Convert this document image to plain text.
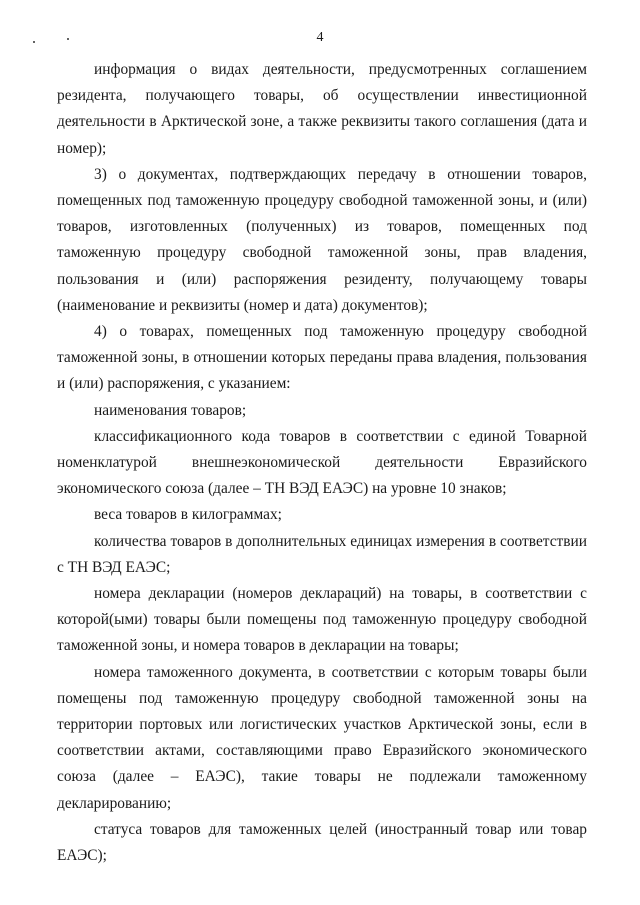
4

информация о видах деятельности, предусмотренных соглашением резидента, получающего товары, об осуществлении инвестиционной деятельности в Арктической зоне, а также реквизиты такого соглашения (дата и номер);

3) о документах, подтверждающих передачу в отношении товаров, помещенных под таможенную процедуру свободной таможенной зоны, и (или) товаров, изготовленных (полученных) из товаров, помещенных под таможенную процедуру свободной таможенной зоны, прав владения, пользования и (или) распоряжения резиденту, получающему товары (наименование и реквизиты (номер и дата) документов);

4) о товарах, помещенных под таможенную процедуру свободной таможенной зоны, в отношении которых переданы права владения, пользования и (или) распоряжения, с указанием:

наименования товаров;

классификационного кода товаров в соответствии с единой Товарной номенклатурой внешнеэкономической деятельности Евразийского экономического союза (далее – ТН ВЭД ЕАЭС) на уровне 10 знаков;

веса товаров в килограммах;

количества товаров в дополнительных единицах измерения в соответствии с ТН ВЭД ЕАЭС;

номера декларации (номеров деклараций) на товары, в соответствии с которой(ыми) товары были помещены под таможенную процедуру свободной таможенной зоны, и номера товаров в декларации на товары;

номера таможенного документа, в соответствии с которым товары были помещены под таможенную процедуру свободной таможенной зоны на территории портовых или логистических участков Арктической зоны, если в соответствии актами, составляющими право Евразийского экономического союза (далее – ЕАЭС), такие товары не подлежали таможенному декларированию;

статуса товаров для таможенных целей (иностранный товар или товар ЕАЭС);
